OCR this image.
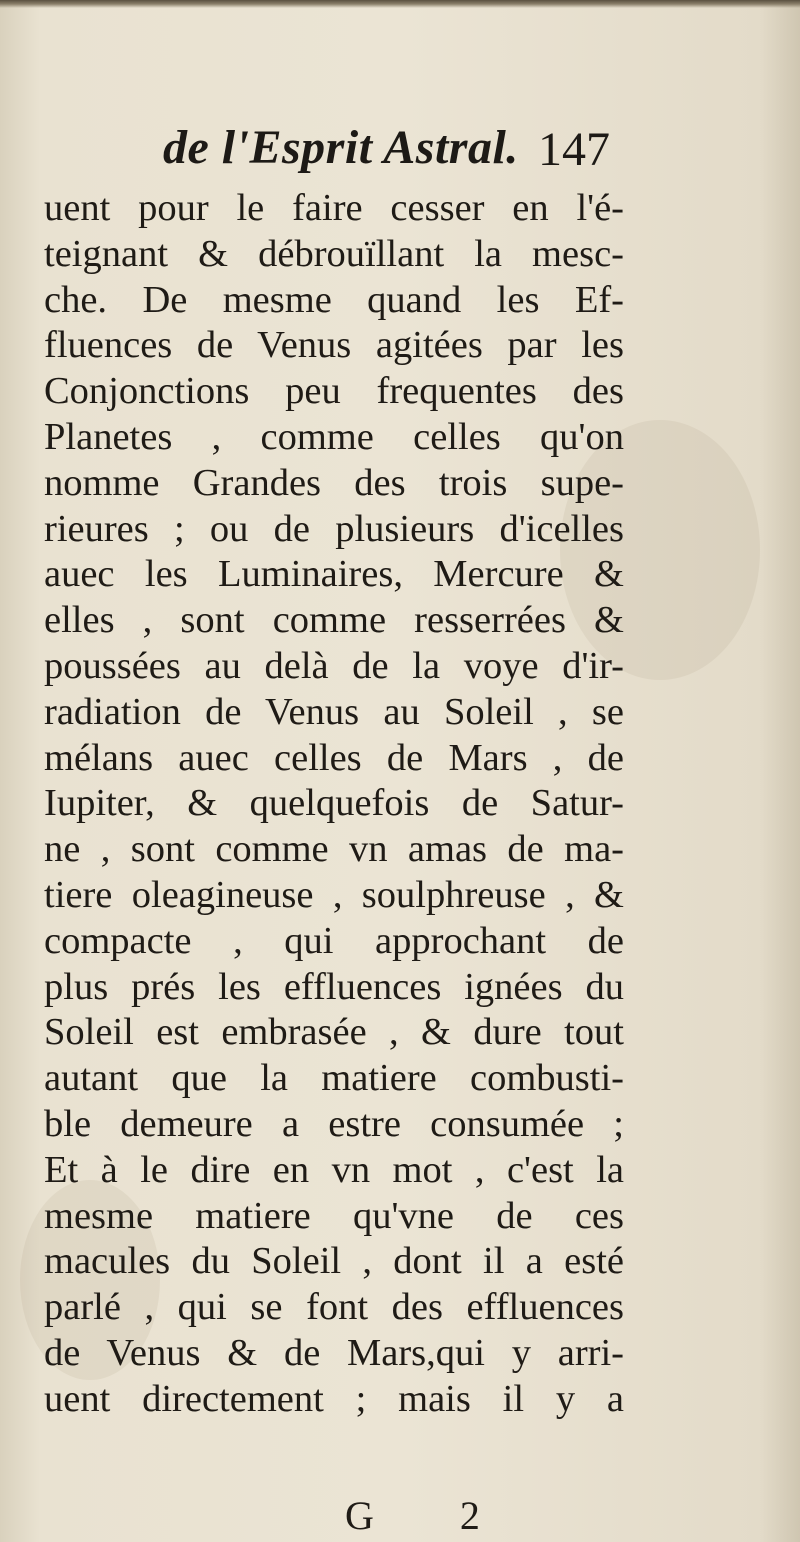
de l'Esprit Astral. 147
uent pour le faire cesser en l'é-
teignant & débrouïllant la mesc-
che. De mesme quand les Ef-
fluences de Venus agitées par les
Conjonctions peu frequentes des
Planetes , comme celles qu'on
nomme Grandes des trois supe-
rieures ; ou de plusieurs d'icelles
auec les Luminaires, Mercure &
elles , sont comme resserrées &
poussées au delà de la voye d'ir-
radiation de Venus au Soleil , se
mélans auec celles de Mars , de
Iupiter, & quelquefois de Satur-
ne , sont comme vn amas de ma-
tiere oleagineuse , soulphreuse , &
compacte , qui approchant de
plus prés les effluences ignées du
Soleil est embrasée , & dure tout
autant que la matiere combusti-
ble demeure a estre consumée ;
Et à le dire en vn mot , c'est la
mesme matiere qu'vne de ces
macules du Soleil , dont il a esté
parlé , qui se font des effluences
de Venus & de Mars,qui y arri-
uent directement ; mais il y a
G 2
